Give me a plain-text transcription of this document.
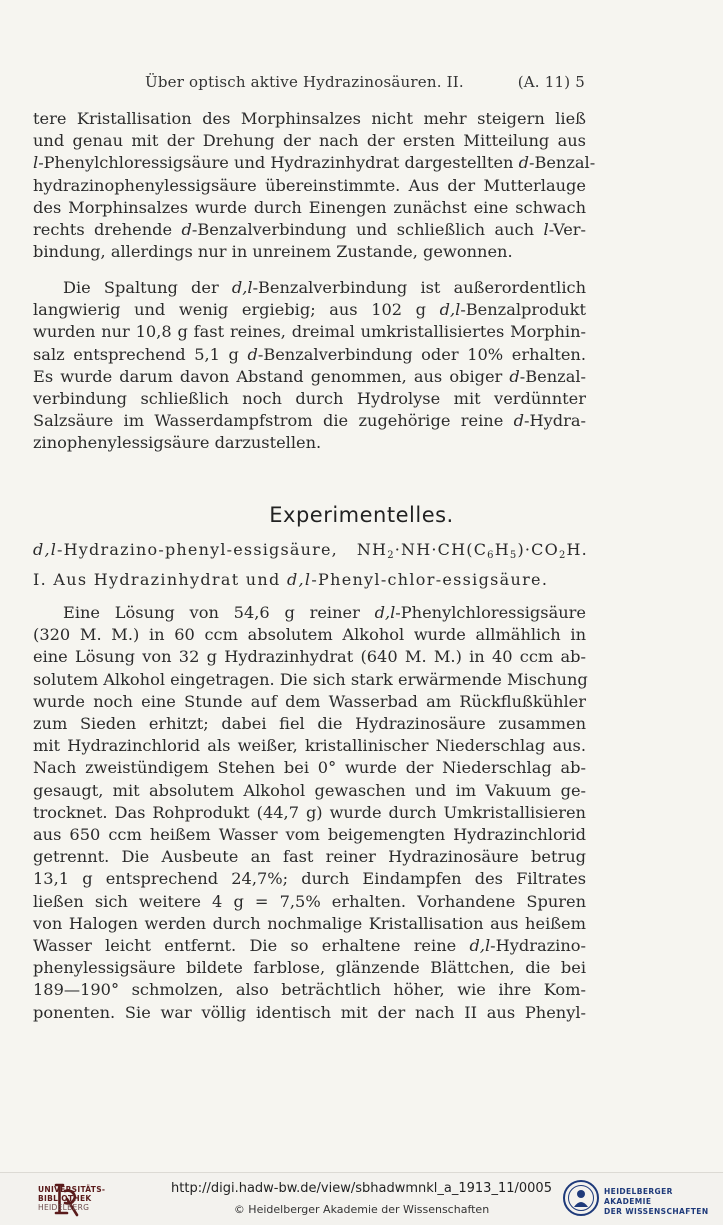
Über optisch aktive Hydrazinosäuren. II.	(A. 11) 5
tere Kristallisation des Morphinsalzes nicht mehr steigern ließ
und genau mit der Drehung der nach der ersten Mitteilung aus
l-Phenylchloressigsäure und Hydrazinhydrat dargestellten d-Benzal-
hydrazinophenylessigsäure übereinstimmte. Aus der Mutterlauge
des Morphinsalzes wurde durch Einengen zunächst eine schwach
rechts drehende d-Benzalverbindung und schließlich auch l-Ver-
bindung, allerdings nur in unreinem Zustande, gewonnen.
Die Spaltung der d,l-Benzalverbindung ist außerordentlich
langwierig und wenig ergiebig; aus 102 g d,l-Benzalprodukt
wurden nur 10,8 g fast reines, dreimal umkristallisiertes Morphin-
salz entsprechend 5,1 g d-Benzalverbindung oder 10% erhalten.
Es wurde darum davon Abstand genommen, aus obiger d-Benzal-
verbindung schließlich noch durch Hydrolyse mit verdünnter
Salzsäure im Wasserdampfstrom die zugehörige reine d-Hydra-
zinophenylessigsäure darzustellen.
Experimentelles.
d,l-Hydrazino-phenyl-essigsäure, $NH_2\cdot NH\cdot CH(C_6H_5)\cdot CO_2H$.
I. Aus Hydrazinhydrat und d,l-Phenyl-chlor-essigsäure.
Eine Lösung von 54,6 g reiner d,l-Phenylchloressigsäure
(320 M. M.) in 60 ccm absolutem Alkohol wurde allmählich in
eine Lösung von 32 g Hydrazinhydrat (640 M. M.) in 40 ccm ab-
solutem Alkohol eingetragen. Die sich stark erwärmende Mischung
wurde noch eine Stunde auf dem Wasserbad am Rückflußkühler
zum Sieden erhitzt; dabei fiel die Hydrazinosäure zusammen
mit Hydrazinchlorid als weißer, kristallinischer Niederschlag aus.
Nach zweistündigem Stehen bei 0° wurde der Niederschlag ab-
gesaugt, mit absolutem Alkohol gewaschen und im Vakuum ge-
trocknet. Das Rohprodukt (44,7 g) wurde durch Umkristallisieren
aus 650 ccm heißem Wasser vom beigemengten Hydrazinchlorid
getrennt. Die Ausbeute an fast reiner Hydrazinosäure betrug
13,1 g entsprechend 24,7%; durch Eindampfen des Filtrates
ließen sich weitere 4 g = 7,5% erhalten. Vorhandene Spuren
von Halogen werden durch nochmalige Kristallisation aus heißem
Wasser leicht entfernt. Die so erhaltene reine d,l-Hydrazino-
phenylessigsäure bildete farblose, glänzende Blättchen, die bei
189—190° schmolzen, also beträchtlich höher, wie ihre Kom-
ponenten. Sie war völlig identisch mit der nach II aus Phenyl-
UNIVERSITÄTS-
BIBLIOTHEK
HEIDELBERG
http://digi.hadw-bw.de/view/sbhadwmnkl_a_1913_11/0005
© Heidelberger Akademie der Wissenschaften
HEIDELBERGER AKADEMIE
DER WISSENSCHAFTEN
